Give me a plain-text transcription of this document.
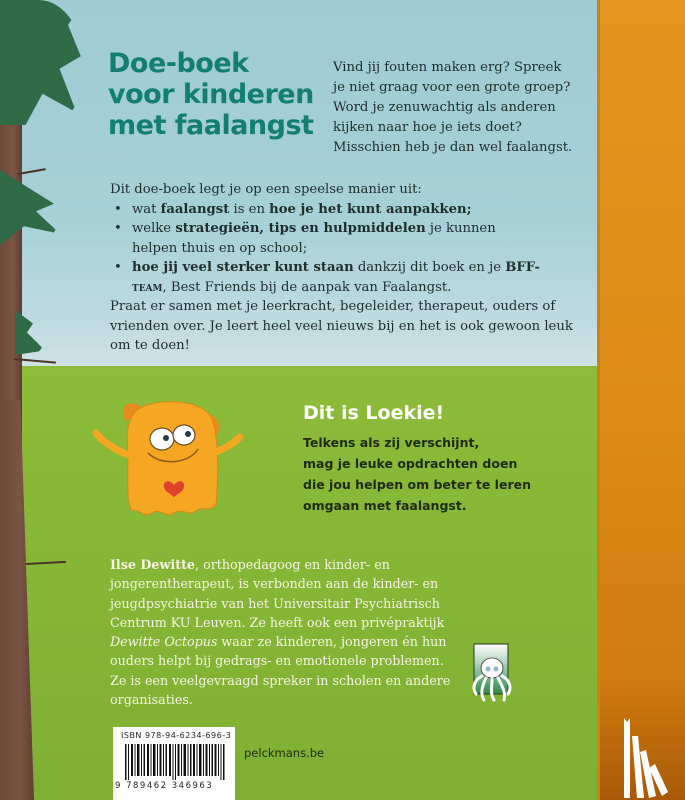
Doe-boek
voor kinderen
met faalangst
Vind jij fouten maken erg? Spreek
je niet graag voor een grote groep?
Word je zenuwachtig als anderen
kijken naar hoe je iets doet?
Misschien heb je dan wel faalangst.
Dit doe-boek legt je op een speelse manier uit:
• wat faalangst is en hoe je het kunt aanpakken;
• welke strategieën, tips en hulpmiddelen je kunnen helpen thuis en op school;
• hoe jij veel sterker kunt staan dankzij dit boek en je BFF-team, Best Friends bij de aanpak van Faalangst.
Praat er samen met je leerkracht, begeleider, therapeut, ouders of vrienden over. Je leert heel veel nieuws bij en het is ook gewoon leuk om te doen!
Dit is Loekie!
Telkens als zij verschijnt,
mag je leuke opdrachten doen
die jou helpen om beter te leren
omgaan met faalangst.
Ilse Dewitte, orthopedagoog en kinder- en jongerentherapeut, is verbonden aan de kinder- en jeugdpsychiatrie van het Universitair Psychiatrisch Centrum KU Leuven. Ze heeft ook een privépraktijk Dewitte Octopus waar ze kinderen, jongeren én hun ouders helpt bij gedrags- en emotionele problemen. Ze is een veelgevraagd spreker in scholen en andere organisaties.
ISBN 978-94-6234-696-3
9 789462 346963
pelckmans.be
